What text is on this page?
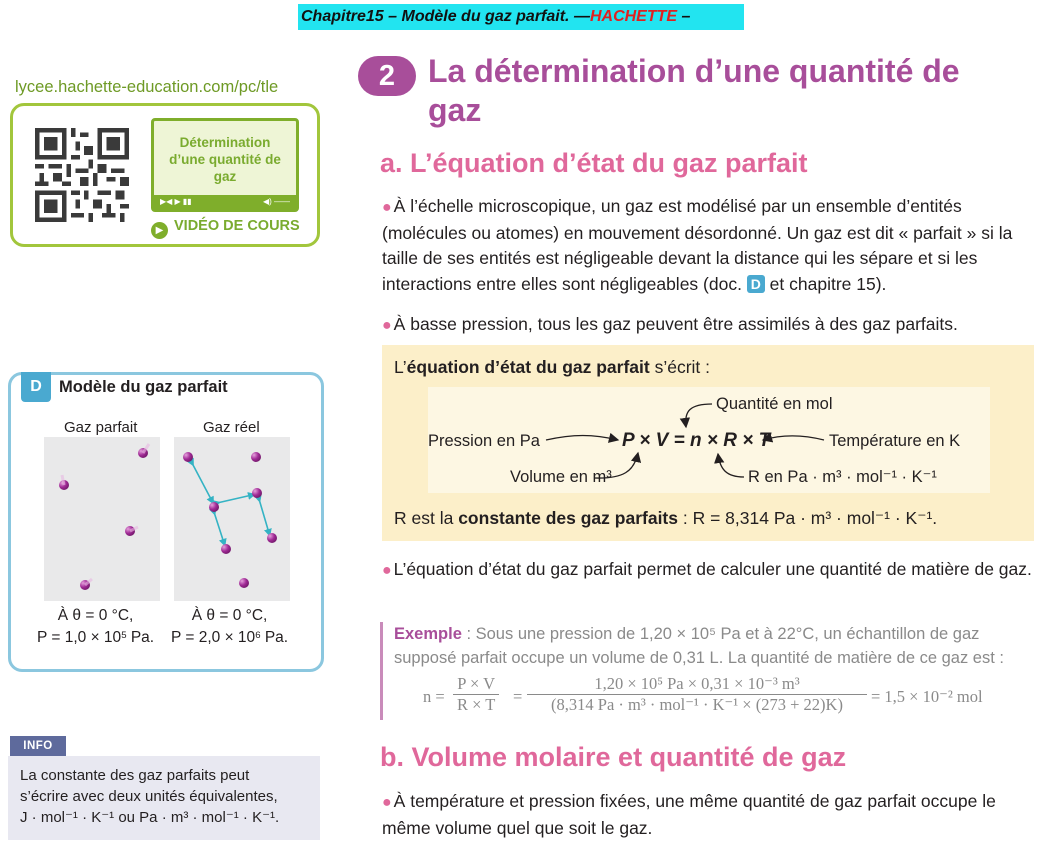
Chapitre15 – Modèle du gaz parfait. —HACHETTE –
lycee.hachette-education.com/pc/tle
Détermination d’une quantité de gaz
▶◀ ▶ ▮▮	◀) ——
▶ VIDÉO DE COURS
D	Modèle du gaz parfait
Gaz parfait	Gaz réel
À θ = 0 °C,
$P = 1,0 \times 10^5$ Pa.
À θ = 0 °C,
$P = 2,0 \times 10^6$ Pa.
INFO
La constante des gaz parfaits peut
s’écrire avec deux unités équivalentes,
J · mol⁻¹ · K⁻¹ ou Pa · m³ · mol⁻¹ · K⁻¹.
2	La détermination d’une quantité de gaz
a. L’équation d’état du gaz parfait
● À l’échelle microscopique, un gaz est modélisé par un ensemble d’entités (molécules ou atomes) en mouvement désordonné. Un gaz est dit « parfait » si la taille de ses entités est négligeable devant la distance qui les sépare et si les interactions entre elles sont négligeables (doc. D et chapitre 15).
● À basse pression, tous les gaz peuvent être assimilés à des gaz parfaits.
L’équation d’état du gaz parfait s’écrit :
P × V = n × R × T
Quantité en mol
Pression en Pa	Température en K
Volume en m³	R en Pa · m³ · mol⁻¹ · K⁻¹
R est la constante des gaz parfaits : R = 8,314 Pa · m³ · mol⁻¹ · K⁻¹.
● L’équation d’état du gaz parfait permet de calculer une quantité de matière de gaz.
Exemple : Sous une pression de 1,20 × 10⁵ Pa et à 22°C, un échantillon de gaz supposé parfait occupe un volume de 0,31 L. La quantité de matière de ce gaz est :
$n = \frac{P \times V}{R \times T}$ =
1,20 × 10⁵ Pa × 0,31 × 10⁻³ m³
(8,314 Pa · m³ · mol⁻¹ · K⁻¹ × (273 + 22)K)	= 1,5 × 10⁻² mol
b. Volume molaire et quantité de gaz
● À température et pression fixées, une même quantité de gaz parfait occupe le même volume quel que soit le gaz.
